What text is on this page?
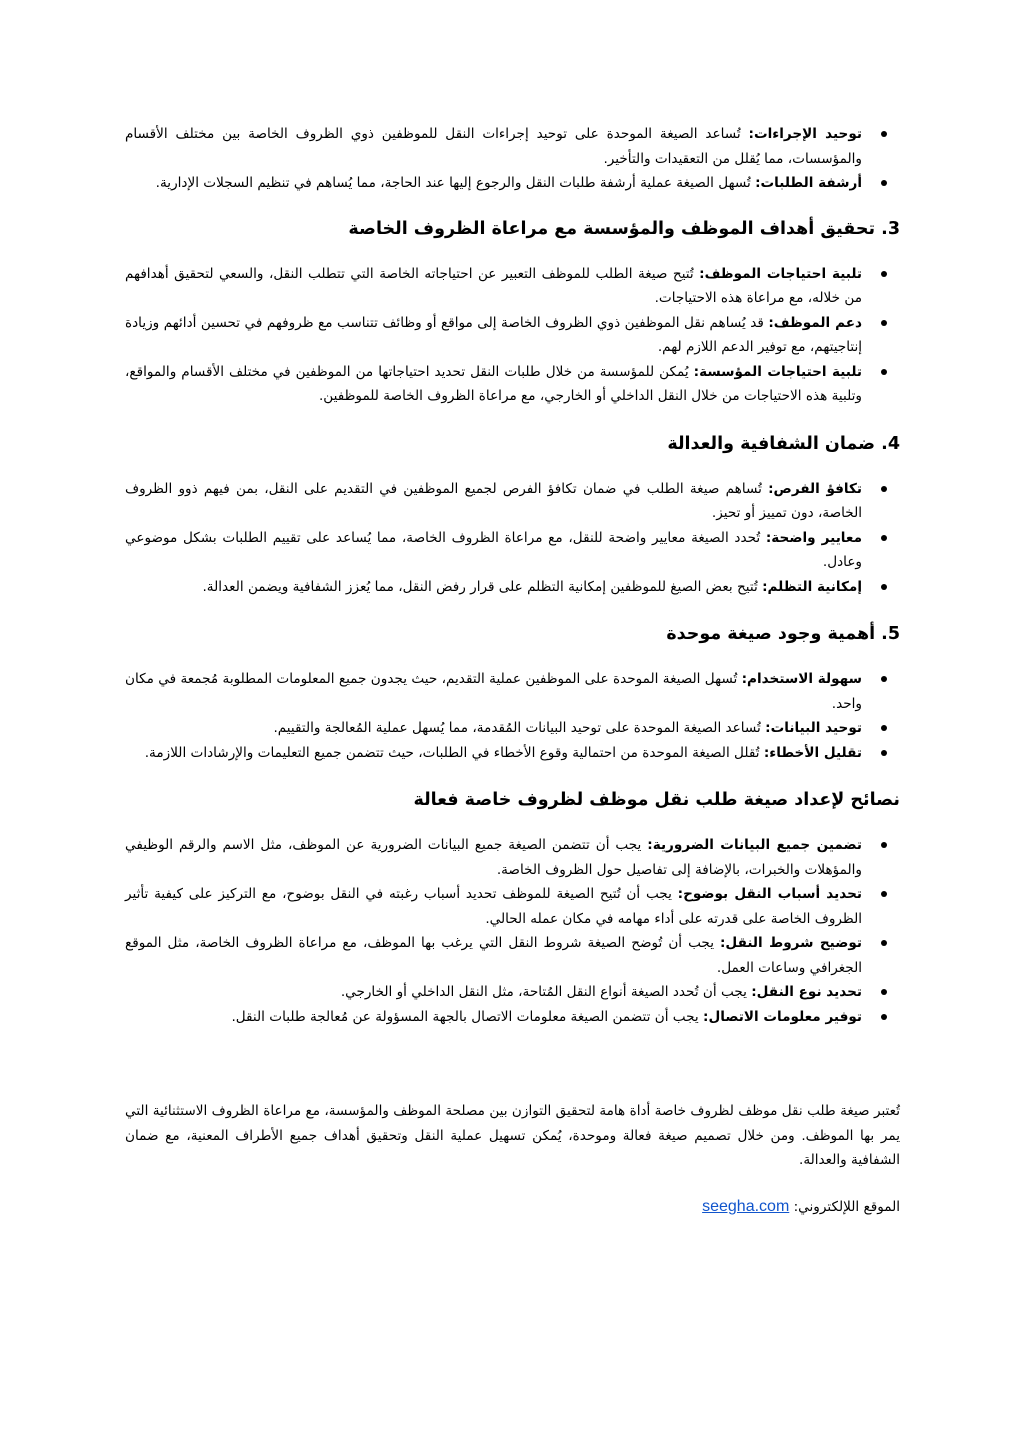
توحيد الإجراءات: تُساعد الصيغة الموحدة على توحيد إجراءات النقل للموظفين ذوي الظروف الخاصة بين مختلف الأقسام والمؤسسات، مما يُقلل من التعقيدات والتأخير.
أرشفة الطلبات: تُسهل الصيغة عملية أرشفة طلبات النقل والرجوع إليها عند الحاجة، مما يُساهم في تنظيم السجلات الإدارية.
3. تحقيق أهداف الموظف والمؤسسة مع مراعاة الظروف الخاصة
تلبية احتياجات الموظف: تُتيح صيغة الطلب للموظف التعبير عن احتياجاته الخاصة التي تتطلب النقل، والسعي لتحقيق أهدافهم من خلاله، مع مراعاة هذه الاحتياجات.
دعم الموظف: قد يُساهم نقل الموظفين ذوي الظروف الخاصة إلى مواقع أو وظائف تتناسب مع ظروفهم في تحسين أدائهم وزيادة إنتاجيتهم، مع توفير الدعم اللازم لهم.
تلبية احتياجات المؤسسة: يُمكن للمؤسسة من خلال طلبات النقل تحديد احتياجاتها من الموظفين في مختلف الأقسام والمواقع، وتلبية هذه الاحتياجات من خلال النقل الداخلي أو الخارجي، مع مراعاة الظروف الخاصة للموظفين.
4. ضمان الشفافية والعدالة
تكافؤ الفرص: تُساهم صيغة الطلب في ضمان تكافؤ الفرص لجميع الموظفين في التقديم على النقل، بمن فيهم ذوو الظروف الخاصة، دون تمييز أو تحيز.
معايير واضحة: تُحدد الصيغة معايير واضحة للنقل، مع مراعاة الظروف الخاصة، مما يُساعد على تقييم الطلبات بشكل موضوعي وعادل.
إمكانية التظلم: تُتيح بعض الصيغ للموظفين إمكانية التظلم على قرار رفض النقل، مما يُعزز الشفافية ويضمن العدالة.
5. أهمية وجود صيغة موحدة
سهولة الاستخدام: تُسهل الصيغة الموحدة على الموظفين عملية التقديم، حيث يجدون جميع المعلومات المطلوبة مُجمعة في مكان واحد.
توحيد البيانات: تُساعد الصيغة الموحدة على توحيد البيانات المُقدمة، مما يُسهل عملية المُعالجة والتقييم.
تقليل الأخطاء: تُقلل الصيغة الموحدة من احتمالية وقوع الأخطاء في الطلبات، حيث تتضمن جميع التعليمات والإرشادات اللازمة.
نصائح لإعداد صيغة طلب نقل موظف لظروف خاصة فعالة
تضمين جميع البيانات الضرورية: يجب أن تتضمن الصيغة جميع البيانات الضرورية عن الموظف، مثل الاسم والرقم الوظيفي والمؤهلات والخبرات، بالإضافة إلى تفاصيل حول الظروف الخاصة.
تحديد أسباب النقل بوضوح: يجب أن تُتيح الصيغة للموظف تحديد أسباب رغبته في النقل بوضوح، مع التركيز على كيفية تأثير الظروف الخاصة على قدرته على أداء مهامه في مكان عمله الحالي.
توضيح شروط النقل: يجب أن تُوضح الصيغة شروط النقل التي يرغب بها الموظف، مع مراعاة الظروف الخاصة، مثل الموقع الجغرافي وساعات العمل.
تحديد نوع النقل: يجب أن تُحدد الصيغة أنواع النقل المُتاحة، مثل النقل الداخلي أو الخارجي.
توفير معلومات الاتصال: يجب أن تتضمن الصيغة معلومات الاتصال بالجهة المسؤولة عن مُعالجة طلبات النقل.

تُعتبر صيغة طلب نقل موظف لظروف خاصة أداة هامة لتحقيق التوازن بين مصلحة الموظف والمؤسسة، مع مراعاة الظروف الاستثنائية التي يمر بها الموظف. ومن خلال تصميم صيغة فعالة وموحدة، يُمكن تسهيل عملية النقل وتحقيق أهداف جميع الأطراف المعنية، مع ضمان الشفافية والعدالة.

الموقع اللإلكتروني: seegha.com
